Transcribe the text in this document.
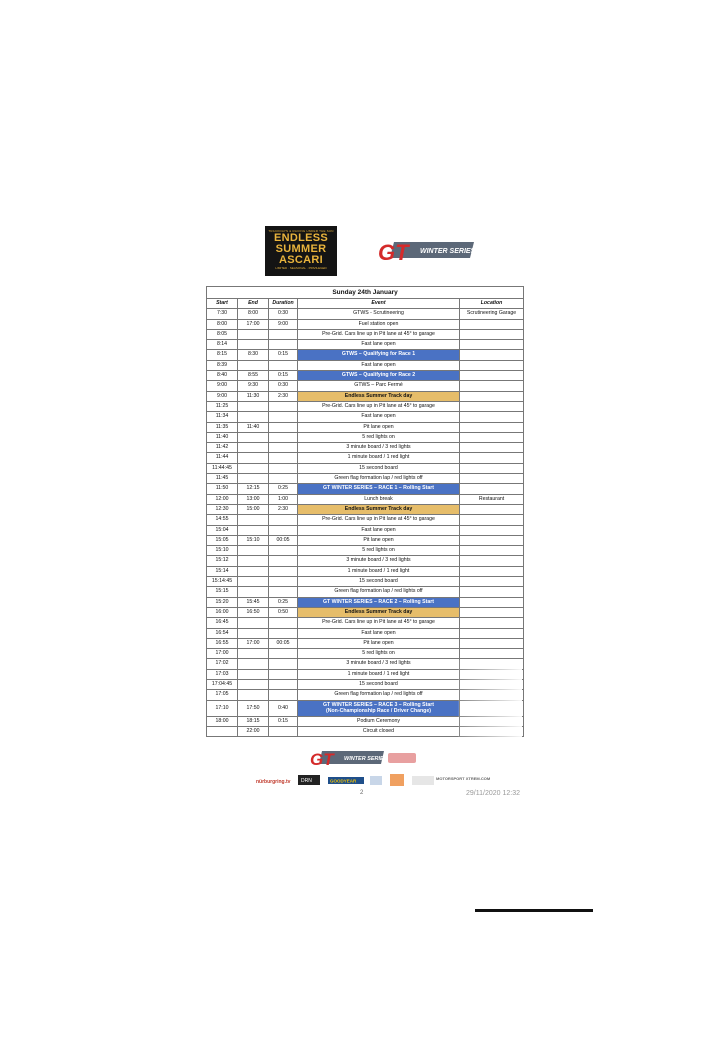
TRACKDAYS & RACING UNDER THE SUN
ENDLESS
SUMMER
ASCARI
LIMITED · SEASONAL · PRIVILEGED
GT WINTER SERIES
Sunday 24th January				
Start	End	Duration	Event	Location
7:30	8:00	0:30	GTWS - Scrutineering	Scrutineering Garage
8:00	17:00	9:00	Fuel station open	
8:05			Pre-Grid. Cars line up in Pit lane at 45° to garage	
8:14			Fast lane open	
8:15	8:30	0:15	GTWS – Qualifying for Race 1	
8:39			Fast lane open	
8:40	8:55	0:15	GTWS – Qualifying for Race 2	
9:00	9:30	0:30	GTWS – Parc Fermé	
9:00	11:30	2:30	Endless Summer Track day	
11:25			Pre-Grid. Cars line up in Pit lane at 45° to garage	
11:34			Fast lane open	
11:35	11:40		Pit lane open	
11:40			5 red lights on	
11:42			3 minute board / 3 red lights	
11:44			1 minute board / 1 red light	
11:44:45			15 second board	
11:45			Green flag formation lap / red lights off	
11:50	12:15	0:25	GT WINTER SERIES – RACE 1 – Rolling Start	
12:00	13:00	1:00	Lunch break	Restaurant
12:30	15:00	2:30	Endless Summer Track day	
14:55			Pre-Grid. Cars line up in Pit lane at 45° to garage	
15:04			Fast lane open	
15:05	15:10	00:05	Pit lane open	
15:10			5 red lights on	
15:12			3 minute board / 3 red lights	
15:14			1 minute board / 1 red light	
15:14:45			15 second board	
15:15			Green flag formation lap / red lights off	
15:20	15:45	0:25	GT WINTER SERIES – RACE 2 – Rolling Start	
16:00	16:50	0:50	Endless Summer Track day	
16:45			Pre-Grid. Cars line up in Pit lane at 45° to garage	
16:54			Fast lane open	
16:55	17:00	00:05	Pit lane open	
17:00			5 red lights on	
17:02			3 minute board / 3 red lights	
17:03			1 minute board / 1 red light	
17:04:45			15 second board	
17:05			Green flag formation lap / red lights off	
17:10	17:50	0:40	GT WINTER SERIES – RACE 3 – Rolling Start
(Non-Championship Race / Driver Change)	
18:00	18:15	0:15	Podium Ceremony	
	22:00		Circuit closed	
GT WINTER SERIES
nürburgring.tv DRN	GOODYEAR	MOTORSPORT XTREM.COM
2	29/11/2020 12:32
